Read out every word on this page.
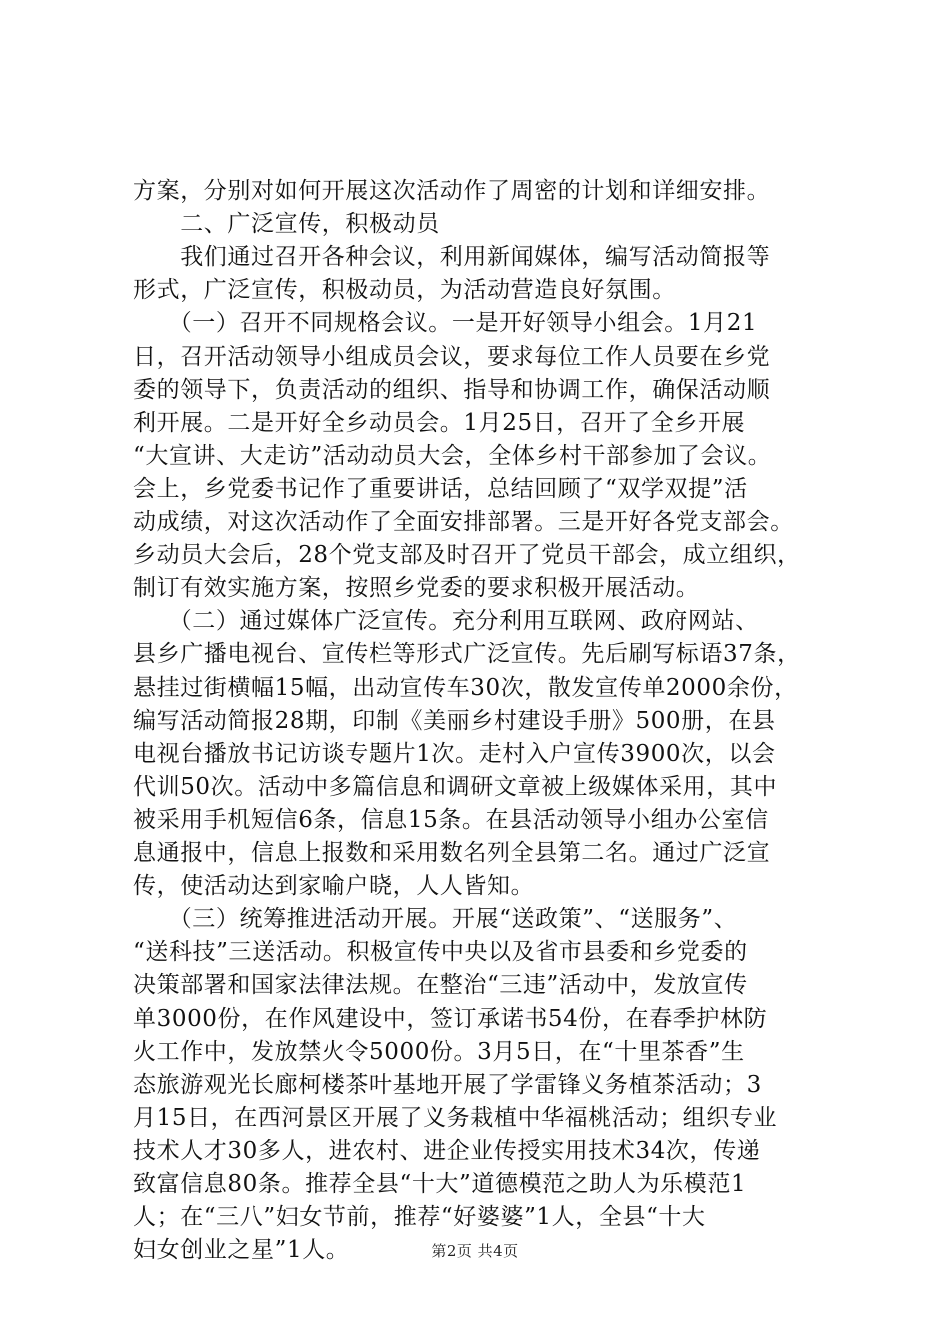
方案，分别对如何开展这次活动作了周密的计划和详细安排。
　　二、广泛宣传，积极动员
　　我们通过召开各种会议，利用新闻媒体，编写活动简报等
形式，广泛宣传，积极动员，为活动营造良好氛围。
　　（一）召开不同规格会议。一是开好领导小组会。1月21
日，召开活动领导小组成员会议，要求每位工作人员要在乡党
委的领导下，负责活动的组织、指导和协调工作，确保活动顺
利开展。二是开好全乡动员会。1月25日，召开了全乡开展
“大宣讲、大走访”活动动员大会，全体乡村干部参加了会议。
会上，乡党委书记作了重要讲话，总结回顾了“双学双提”活
动成绩，对这次活动作了全面安排部署。三是开好各党支部会。
乡动员大会后，28个党支部及时召开了党员干部会，成立组织，
制订有效实施方案，按照乡党委的要求积极开展活动。
　　（二）通过媒体广泛宣传。充分利用互联网、政府网站、
县乡广播电视台、宣传栏等形式广泛宣传。先后刷写标语37条，
悬挂过街横幅15幅，出动宣传车30次，散发宣传单2000余份，
编写活动简报28期，印制《美丽乡村建设手册》500册，在县
电视台播放书记访谈专题片1次。走村入户宣传3900次，以会
代训50次。活动中多篇信息和调研文章被上级媒体采用，其中
被采用手机短信6条，信息15条。在县活动领导小组办公室信
息通报中，信息上报数和采用数名列全县第二名。通过广泛宣
传，使活动达到家喻户晓，人人皆知。
　　（三）统筹推进活动开展。开展“送政策”、“送服务”、
“送科技”三送活动。积极宣传中央以及省市县委和乡党委的
决策部署和国家法律法规。在整治“三违”活动中，发放宣传
单3000份，在作风建设中，签订承诺书54份，在春季护林防
火工作中，发放禁火令5000份。3月5日，在“十里茶香”生
态旅游观光长廊柯楼茶叶基地开展了学雷锋义务植茶活动；3
月15日，在西河景区开展了义务栽植中华福桃活动；组织专业
技术人才30多人，进农村、进企业传授实用技术34次，传递
致富信息80条。推荐全县“十大”道德模范之助人为乐模范1
人；在“三八”妇女节前，推荐“好婆婆”1人，全县“十大
妇女创业之星”1人。	第2页 共4页
